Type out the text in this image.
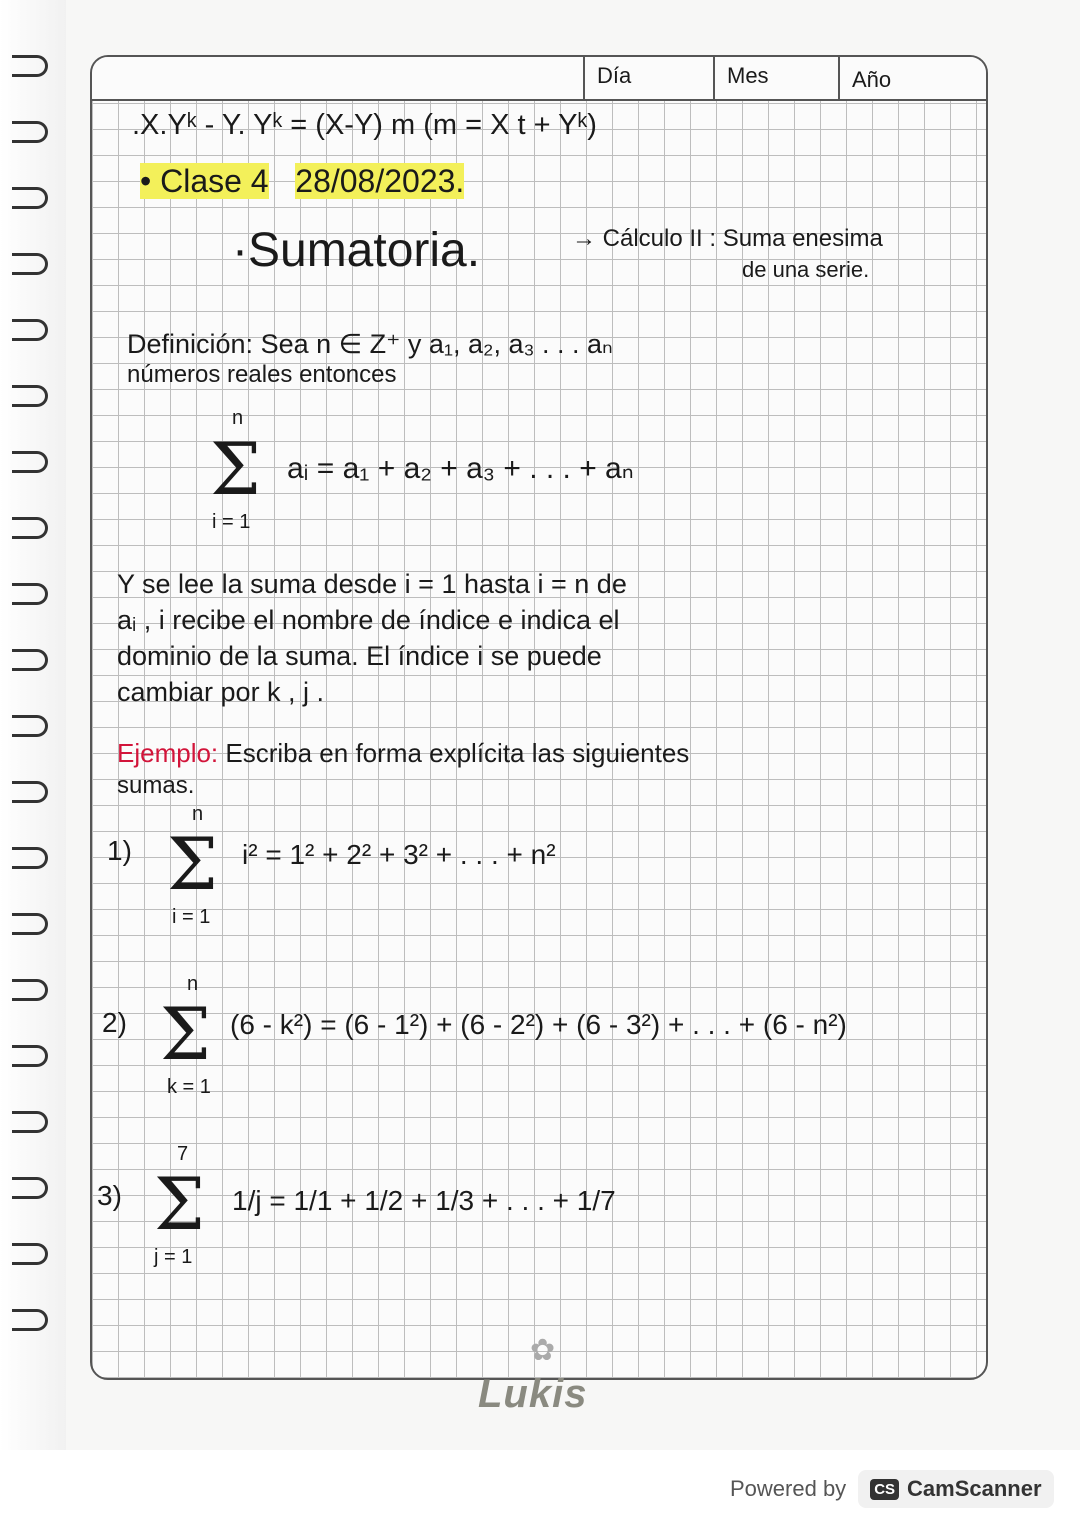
Día	Mes	Año
.X.Yᵏ - Y. Yᵏ = (X-Y) m (m = X t + Yᵏ)
• Clase 4 28/08/2023.
·Sumatoria.	→ Cálculo II : Suma enesima
de una serie.
Definición: Sea n ∈ Z⁺ y a₁, a₂, a₃ . . . aₙ
números reales entonces
n
Σ
i = 1
aᵢ = a₁ + a₂ + a₃ + . . . + aₙ
Y se lee la suma desde i = 1 hasta i = n de
aᵢ , i recibe el nombre de índice e indica el
dominio de la suma. El índice i se puede
cambiar por k , j .
Ejemplo: Escriba en forma explícita las siguientes
sumas.
1)
n
Σ
i = 1
i² = 1² + 2² + 3² + . . . + n²
2)
n
Σ
k = 1
(6 - k²) = (6 - 1²) + (6 - 2²) + (6 - 3²) + . . . + (6 - n²)
3)
7
Σ
j = 1
1/j = 1/1 + 1/2 + 1/3 + . . . + 1/7
✿
Lukis
Powered by CS CamScanner
